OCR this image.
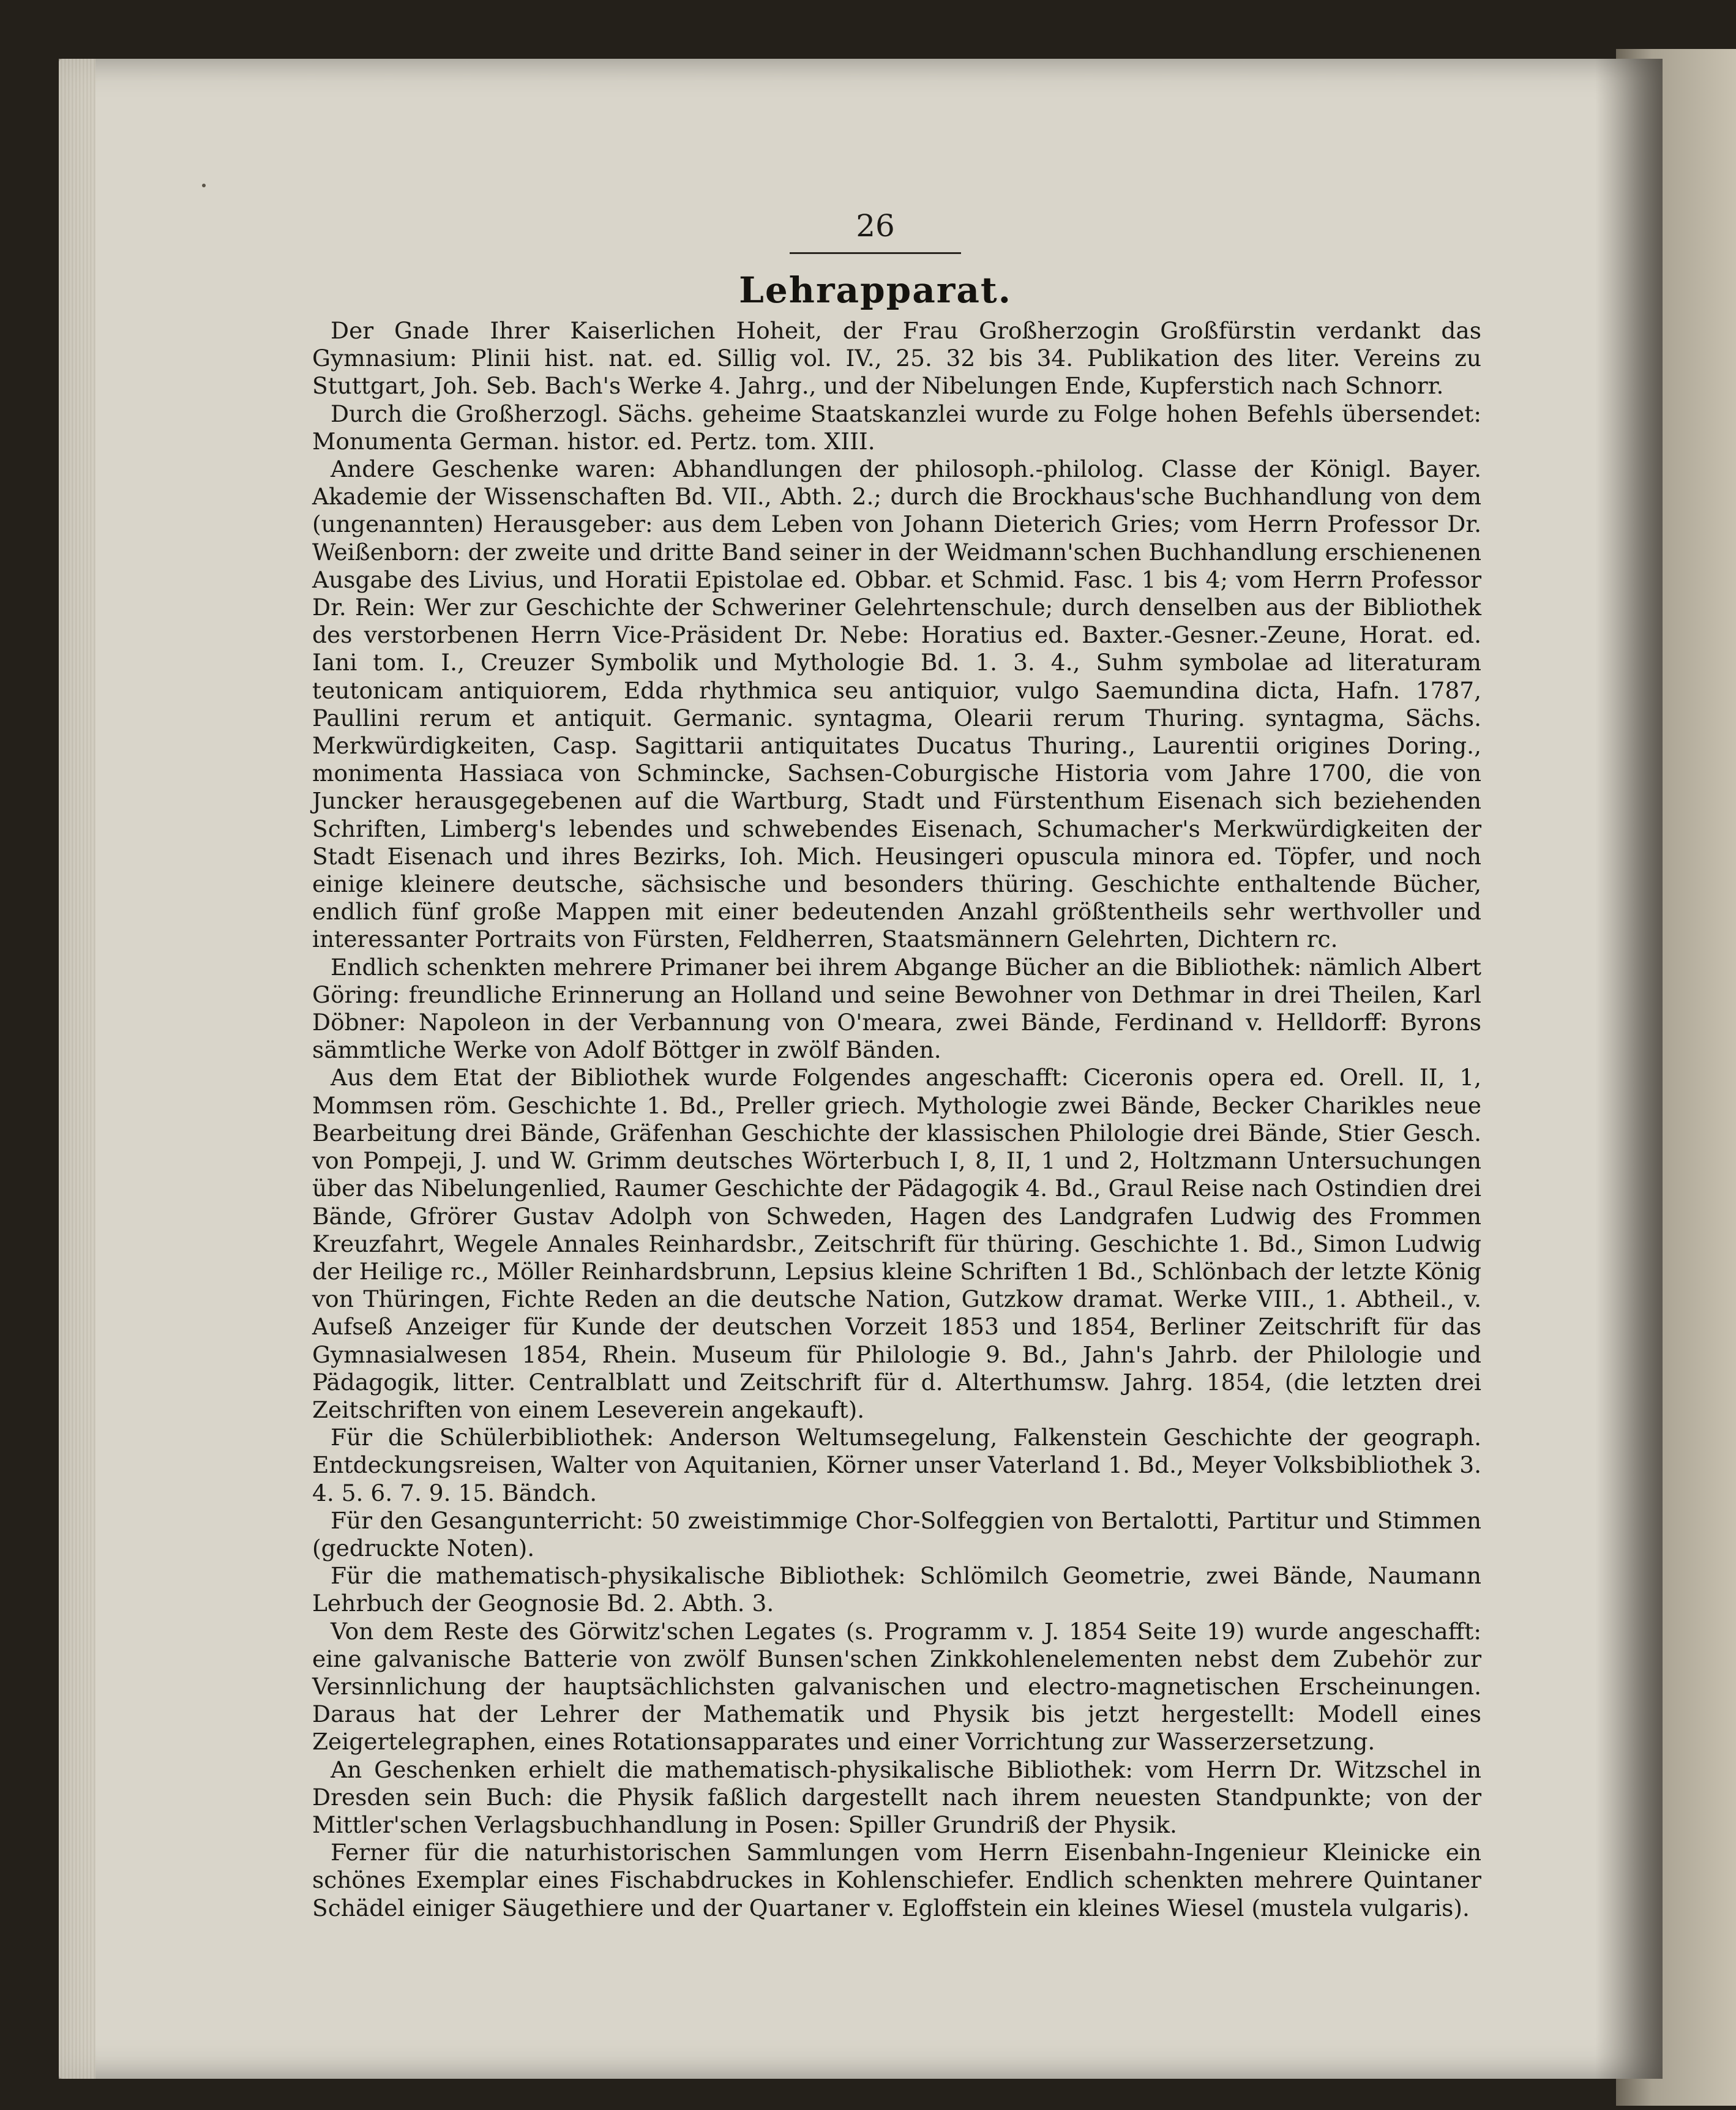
26
Lehrapparat.

Der Gnade Ihrer Kaiserlichen Hoheit, der Frau Großherzogin Großfürstin verdankt das Gymnasium: Plinii hist. nat. ed. Sillig vol. IV., 25. 32 bis 34. Publikation des liter. Vereins zu Stuttgart, Joh. Seb. Bach's Werke 4. Jahrg., und der Nibelungen Ende, Kupferstich nach Schnorr.

Durch die Großherzogl. Sächs. geheime Staatskanzlei wurde zu Folge hohen Befehls übersendet: Monumenta German. histor. ed. Pertz. tom. XIII.

Andere Geschenke waren: Abhandlungen der philosoph.-philolog. Classe der Königl. Bayer. Akademie der Wissenschaften Bd. VII., Abth. 2.; durch die Brockhaus'sche Buchhandlung von dem (ungenannten) Herausgeber: aus dem Leben von Johann Dieterich Gries; vom Herrn Professor Dr. Weißenborn: der zweite und dritte Band seiner in der Weidmann'schen Buchhandlung erschienenen Ausgabe des Livius, und Horatii Epistolae ed. Obbar. et Schmid. Fasc. 1 bis 4; vom Herrn Professor Dr. Rein: Wer zur Geschichte der Schweriner Gelehrtenschule; durch denselben aus der Bibliothek des verstorbenen Herrn Vice-Präsident Dr. Nebe: Horatius ed. Baxter.-Gesner.-Zeune, Horat. ed. Iani tom. I., Creuzer Symbolik und Mythologie Bd. 1. 3. 4., Suhm symbolae ad literaturam teutonicam antiquiorem, Edda rhythmica seu antiquior, vulgo Saemundina dicta, Hafn. 1787, Paullini rerum et antiquit. Germanic. syntagma, Olearii rerum Thuring. syntagma, Sächs. Merkwürdigkeiten, Casp. Sagittarii antiquitates Ducatus Thuring., Laurentii origines Doring., monimenta Hassiaca von Schmincke, Sachsen-Coburgische Historia vom Jahre 1700, die von Juncker herausgegebenen auf die Wartburg, Stadt und Fürstenthum Eisenach sich beziehenden Schriften, Limberg's lebendes und schwebendes Eisenach, Schumacher's Merkwürdigkeiten der Stadt Eisenach und ihres Bezirks, Ioh. Mich. Heusingeri opuscula minora ed. Töpfer, und noch einige kleinere deutsche, sächsische und besonders thüring. Geschichte enthaltende Bücher, endlich fünf große Mappen mit einer bedeutenden Anzahl größtentheils sehr werthvoller und interessanter Portraits von Fürsten, Feldherren, Staatsmännern Gelehrten, Dichtern rc.

Endlich schenkten mehrere Primaner bei ihrem Abgange Bücher an die Bibliothek: nämlich Albert Göring: freundliche Erinnerung an Holland und seine Bewohner von Dethmar in drei Theilen, Karl Döbner: Napoleon in der Verbannung von O'meara, zwei Bände, Ferdinand v. Helldorff: Byrons sämmtliche Werke von Adolf Böttger in zwölf Bänden.

Aus dem Etat der Bibliothek wurde Folgendes angeschafft: Ciceronis opera ed. Orell. II, 1, Mommsen röm. Geschichte 1. Bd., Preller griech. Mythologie zwei Bände, Becker Charikles neue Bearbeitung drei Bände, Gräfenhan Geschichte der klassischen Philologie drei Bände, Stier Gesch. von Pompeji, J. und W. Grimm deutsches Wörterbuch I, 8, II, 1 und 2, Holtzmann Untersuchungen über das Nibelungenlied, Raumer Geschichte der Pädagogik 4. Bd., Graul Reise nach Ostindien drei Bände, Gfrörer Gustav Adolph von Schweden, Hagen des Landgrafen Ludwig des Frommen Kreuzfahrt, Wegele Annales Reinhardsbr., Zeitschrift für thüring. Geschichte 1. Bd., Simon Ludwig der Heilige rc., Möller Reinhardsbrunn, Lepsius kleine Schriften 1 Bd., Schlönbach der letzte König von Thüringen, Fichte Reden an die deutsche Nation, Gutzkow dramat. Werke VIII., 1. Abtheil., v. Aufseß Anzeiger für Kunde der deutschen Vorzeit 1853 und 1854, Berliner Zeitschrift für das Gymnasialwesen 1854, Rhein. Museum für Philologie 9. Bd., Jahn's Jahrb. der Philologie und Pädagogik, litter. Centralblatt und Zeitschrift für d. Alterthumsw. Jahrg. 1854, (die letzten drei Zeitschriften von einem Leseverein angekauft).

Für die Schülerbibliothek: Anderson Weltumsegelung, Falkenstein Geschichte der geograph. Entdeckungsreisen, Walter von Aquitanien, Körner unser Vaterland 1. Bd., Meyer Volksbibliothek 3. 4. 5. 6. 7. 9. 15. Bändch.

Für den Gesangunterricht: 50 zweistimmige Chor-Solfeggien von Bertalotti, Partitur und Stimmen (gedruckte Noten).

Für die mathematisch-physikalische Bibliothek: Schlömilch Geometrie, zwei Bände, Naumann Lehrbuch der Geognosie Bd. 2. Abth. 3.

Von dem Reste des Görwitz'schen Legates (s. Programm v. J. 1854 Seite 19) wurde angeschafft: eine galvanische Batterie von zwölf Bunsen'schen Zinkkohlenelementen nebst dem Zubehör zur Versinnlichung der hauptsächlichsten galvanischen und electro-magnetischen Erscheinungen. Daraus hat der Lehrer der Mathematik und Physik bis jetzt hergestellt: Modell eines Zeigertelegraphen, eines Rotationsapparates und einer Vorrichtung zur Wasserzersetzung.

An Geschenken erhielt die mathematisch-physikalische Bibliothek: vom Herrn Dr. Witzschel in Dresden sein Buch: die Physik faßlich dargestellt nach ihrem neuesten Standpunkte; von der Mittler'schen Verlagsbuchhandlung in Posen: Spiller Grundriß der Physik.

Ferner für die naturhistorischen Sammlungen vom Herrn Eisenbahn-Ingenieur Kleinicke ein schönes Exemplar eines Fischabdruckes in Kohlenschiefer. Endlich schenkten mehrere Quintaner Schädel einiger Säugethiere und der Quartaner v. Egloffstein ein kleines Wiesel (mustela vulgaris).
